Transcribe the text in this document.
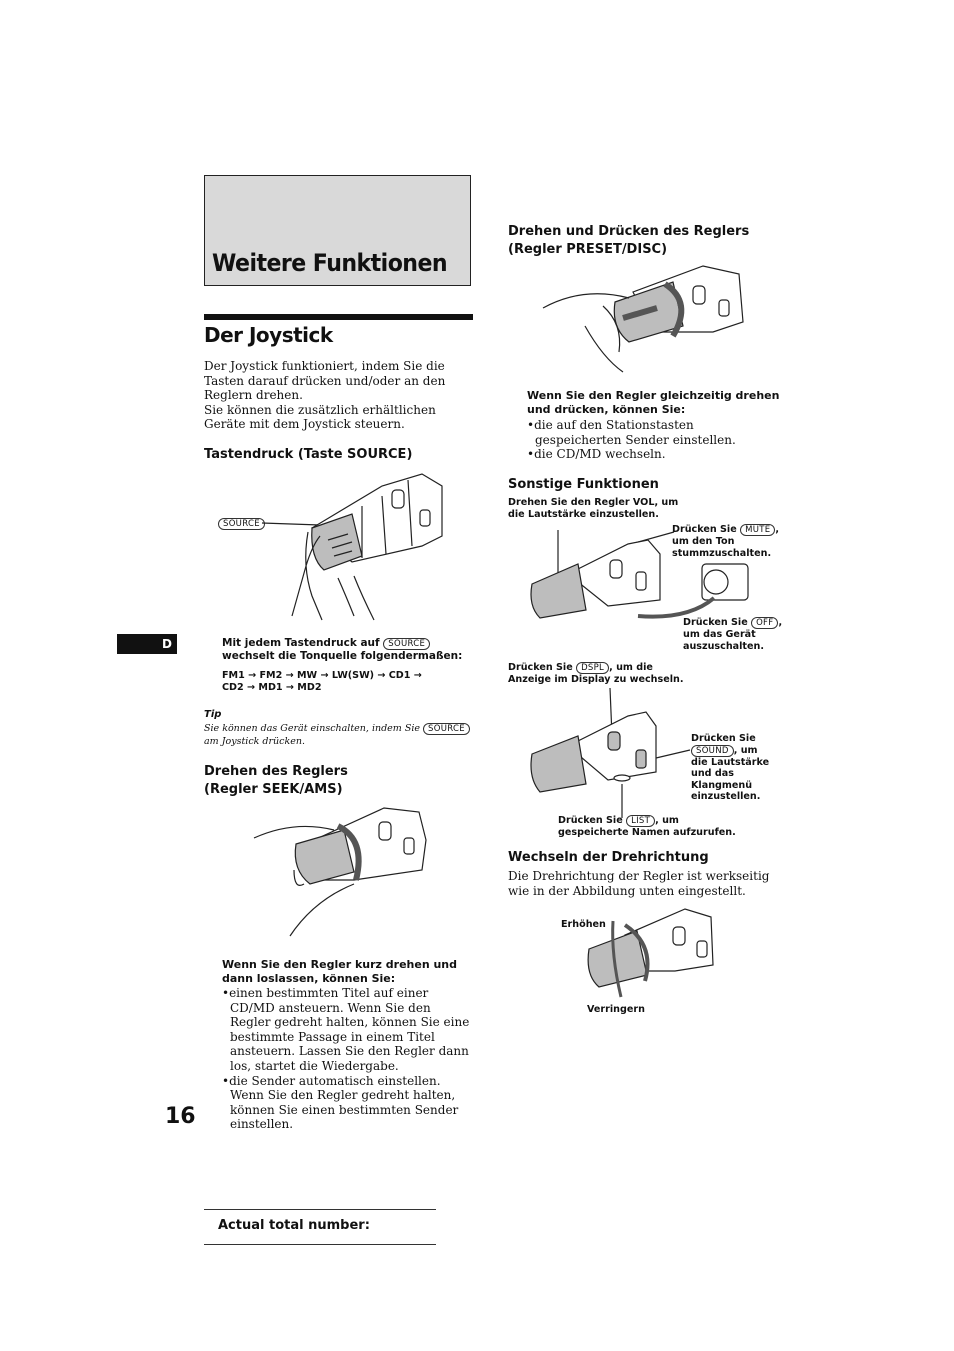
Weitere Funktionen
Der Joystick
Der Joystick funktioniert, indem Sie die Tasten darauf drücken und/oder an den Reglern drehen.
Sie können die zusätzlich erhältlichen Geräte mit dem Joystick steuern.
Tastendruck (Taste SOURCE)
SOURCE
Mit jedem Tastendruck auf SOURCE
wechselt die Tonquelle folgendermaßen:
FM1 → FM2 → MW → LW(SW) → CD1 →
CD2 → MD1 → MD2
Tip
Sie können das Gerät einschalten, indem Sie SOURCE
am Joystick drücken.
Drehen des Reglers
(Regler SEEK/AMS)
Wenn Sie den Regler kurz drehen und dann loslassen, können Sie:
•einen bestimmten Titel auf einer CD/MD ansteuern. Wenn Sie den Regler gedreht halten, können Sie eine bestimmte Passage in einem Titel ansteuern. Lassen Sie den Regler dann los, startet die Wiedergabe.
•die Sender automatisch einstellen. Wenn Sie den Regler gedreht halten, können Sie einen bestimmten Sender einstellen.
D
16
Drehen und Drücken des Reglers
(Regler PRESET/DISC)
Wenn Sie den Regler gleichzeitig drehen und drücken, können Sie:
•die auf den Stationstasten gespeicherten Sender einstellen.
•die CD/MD wechseln.
Sonstige Funktionen
Drehen Sie den Regler VOL, um die Lautstärke einzustellen.
Drücken Sie MUTE , um den Ton stummzuschalten.
Drücken Sie OFF , um das Gerät auszuschalten.
Drücken Sie DSPL , um die Anzeige im Display zu wechseln.
Drücken Sie
SOUND , um die Lautstärke und das Klangmenü einzustellen.
Drücken Sie LIST , um gespeicherte Namen aufzurufen.
Wechseln der Drehrichtung
Die Drehrichtung der Regler ist werkseitig wie in der Abbildung unten eingestellt.
Erhöhen
Verringern
Actual total number:
